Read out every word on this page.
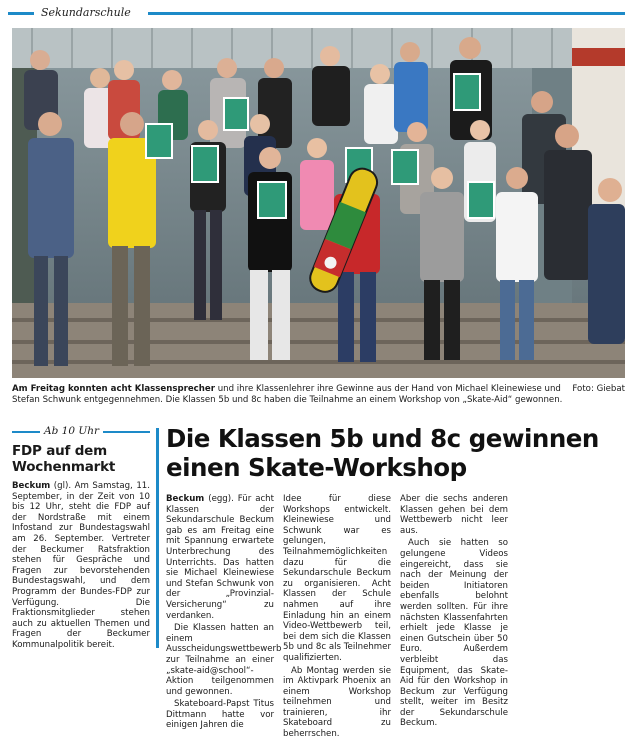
Sekundarschule
Foto: Giebat
Am Freitag konnten acht Klassensprecher und ihre Klassenlehrer ihre Gewinne aus der Hand von Michael Kleinewiese und Stefan Schwunk entgegennehmen. Die Klassen 5b und 8c haben die Teilnahme an einem Workshop von „Skate-Aid“ gewonnen.
Ab 10 Uhr
FDP auf dem Wochenmarkt

Beckum (gl). Am Samstag, 11. September, in der Zeit von 10 bis 12 Uhr, steht die FDP auf der Nordstraße mit einem Infostand zur Bundestagswahl am 26. September. Vertreter der Beckumer Ratsfraktion stehen für Gespräche und Fragen zur bevorstehenden Bundestagswahl, und dem Programm der Bundes-FDP zur Verfügung. Die Fraktionsmitglieder stehen auch zu aktuellen Themen und Fragen der Beckumer Kommunalpolitik bereit.

Die Klassen 5b und 8c gewinnen einen Skate-Workshop

Beckum (egg). Für acht Klassen der Sekundarschule Beckum gab es am Freitag eine mit Spannung erwartete Unterbrechung des Unterrichts. Das hatten sie Michael Kleinewiese und Stefan Schwunk von der „Provinzial-Versicherung“ zu verdanken.

Die Klassen hatten an einem Ausscheidungswettbewerb zur Teilnahme an einer „skate-aid@school“-Aktion teilgenommen und gewonnen.

Skateboard-Papst Titus Dittmann hatte vor einigen Jahren die

Idee für diese Workshops entwickelt. Kleinewiese und Schwunk war es gelungen, Teilnahmemöglichkeiten dazu für die Sekundarschule Beckum zu organisieren. Acht Klassen der Schule nahmen auf ihre Einladung hin an einem Video-Wettbewerb teil, bei dem sich die Klassen 5b und 8c als Teilnehmer qualifizierten.

Ab Montag werden sie im Aktivpark Phoenix an einem Workshop teilnehmen und trainieren, ihr Skateboard zu beherrschen.

Aber die sechs anderen Klassen gehen bei dem Wettbewerb nicht leer aus.

Auch sie hatten so gelungene Videos eingereicht, dass sie nach der Meinung der beiden Initiatoren ebenfalls belohnt werden sollten. Für ihre nächsten Klassenfahrten erhielt jede Klasse je einen Gutschein über 50 Euro. Außerdem verbleibt das Equipment, das Skate-Aid für den Workshop in Beckum zur Verfügung stellt, weiter im Besitz der Sekundarschule Beckum.
